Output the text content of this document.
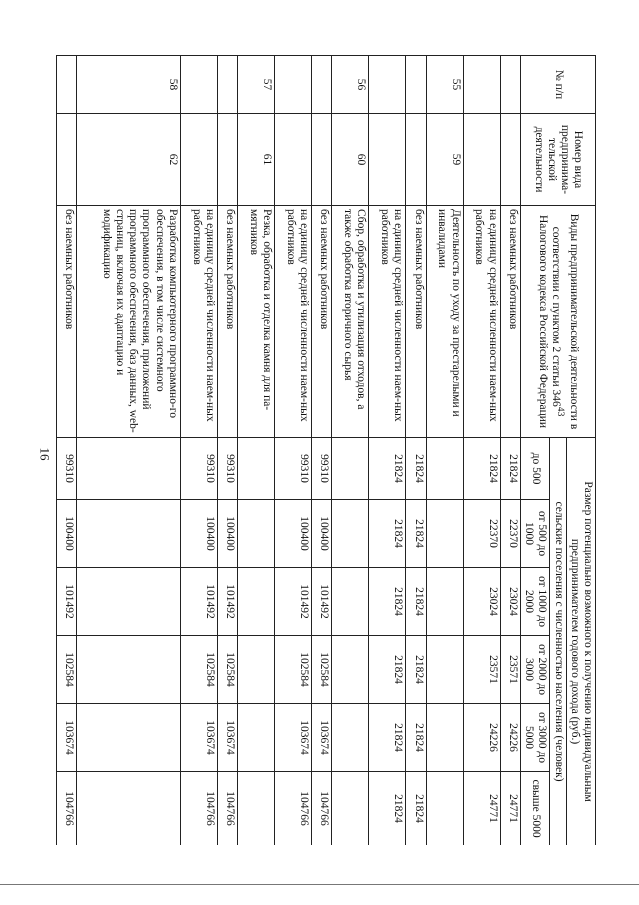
16
№ п/п	Номер вида предпринима-тельской деятельности	Виды предпринимательской деятельности в соответствии с пунктом 2 статьи $346^{43}$ Налогового кодекса Российской Федерации	Размер потенциально возможного к получению индивидуальным предпринимателем годового дохода (руб.)					
			сельские поселения с численностью населения (человек)					
			до 500	от 500 до 1000	от 1000 до 2000	от 2000 до 3000	от 3000 до 5000	свыше 5000
		без наемных работников	21824	22370	23024	23571	24226	24771
		на единицу средней численности наем-ных работников	21824	22370	23024	23571	24226	24771
55	59	Деятельность по уходу за престарелыми и инвалидами						
		без наемных работников	21824	21824	21824	21824	21824	21824
		на единицу средней численности наем-ных работников	21824	21824	21824	21824	21824	21824
56	60	Сбор, обработка и утилизация отходов, а также обработка вторичного сырья						
		без наемных работников	99310	100400	101492	102584	103674	104766
		на единицу средней численности наем-ных работников	99310	100400	101492	102584	103674	104766
57	61	Резка, обработка и отделка камня для па-мятников						
		без наемных работников	99310	100400	101492	102584	103674	104766
		на единицу средней численности наем-ных работников	99310	100400	101492	102584	103674	104766
58	62	Разработка компьютерного программно-го обеспечения, в том числе системного программного обеспечения, приложений программного обеспечения, баз данных, web-страниц, включая их адаптацию и модификацию						
		без наемных работников	99310	100400	101492	102584	103674	104766
